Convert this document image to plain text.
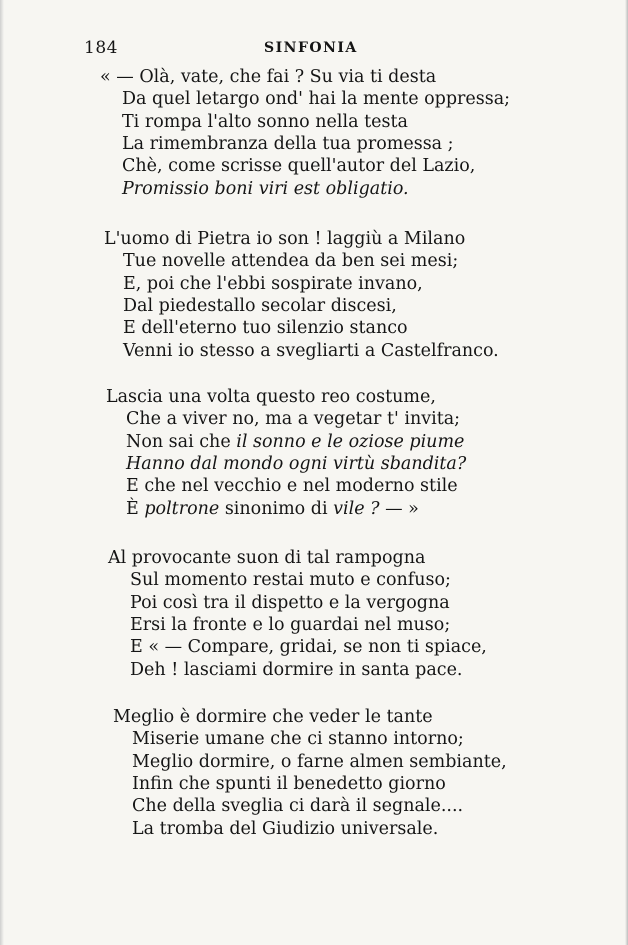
184	SINFONIA
« — Olà, vate, che fai ? Su via ti desta
Da quel letargo ond' hai la mente oppressa;
Ti rompa l'alto sonno nella testa
La rimembranza della tua promessa ;
Chè, come scrisse quell'autor del Lazio,
Promissio boni viri est obligatio.
L'uomo di Pietra io son ! laggiù a Milano
Tue novelle attendea da ben sei mesi;
E, poi che l'ebbi sospirate invano,
Dal piedestallo secolar discesi,
E dell'eterno tuo silenzio stanco
Venni io stesso a svegliarti a Castelfranco.
Lascia una volta questo reo costume,
Che a viver no, ma a vegetar t' invita;
Non sai che il sonno e le oziose piume
Hanno dal mondo ogni virtù sbandita?
E che nel vecchio e nel moderno stile
È poltrone sinonimo di vile ? — »
Al provocante suon di tal rampogna
Sul momento restai muto e confuso;
Poi così tra il dispetto e la vergogna
Ersi la fronte e lo guardai nel muso;
E « — Compare, gridai, se non ti spiace,
Deh ! lasciami dormire in santa pace.
Meglio è dormire che veder le tante
Miserie umane che ci stanno intorno;
Meglio dormire, o farne almen sembiante,
Infin che spunti il benedetto giorno
Che della sveglia ci darà il segnale....
La tromba del Giudizio universale.
